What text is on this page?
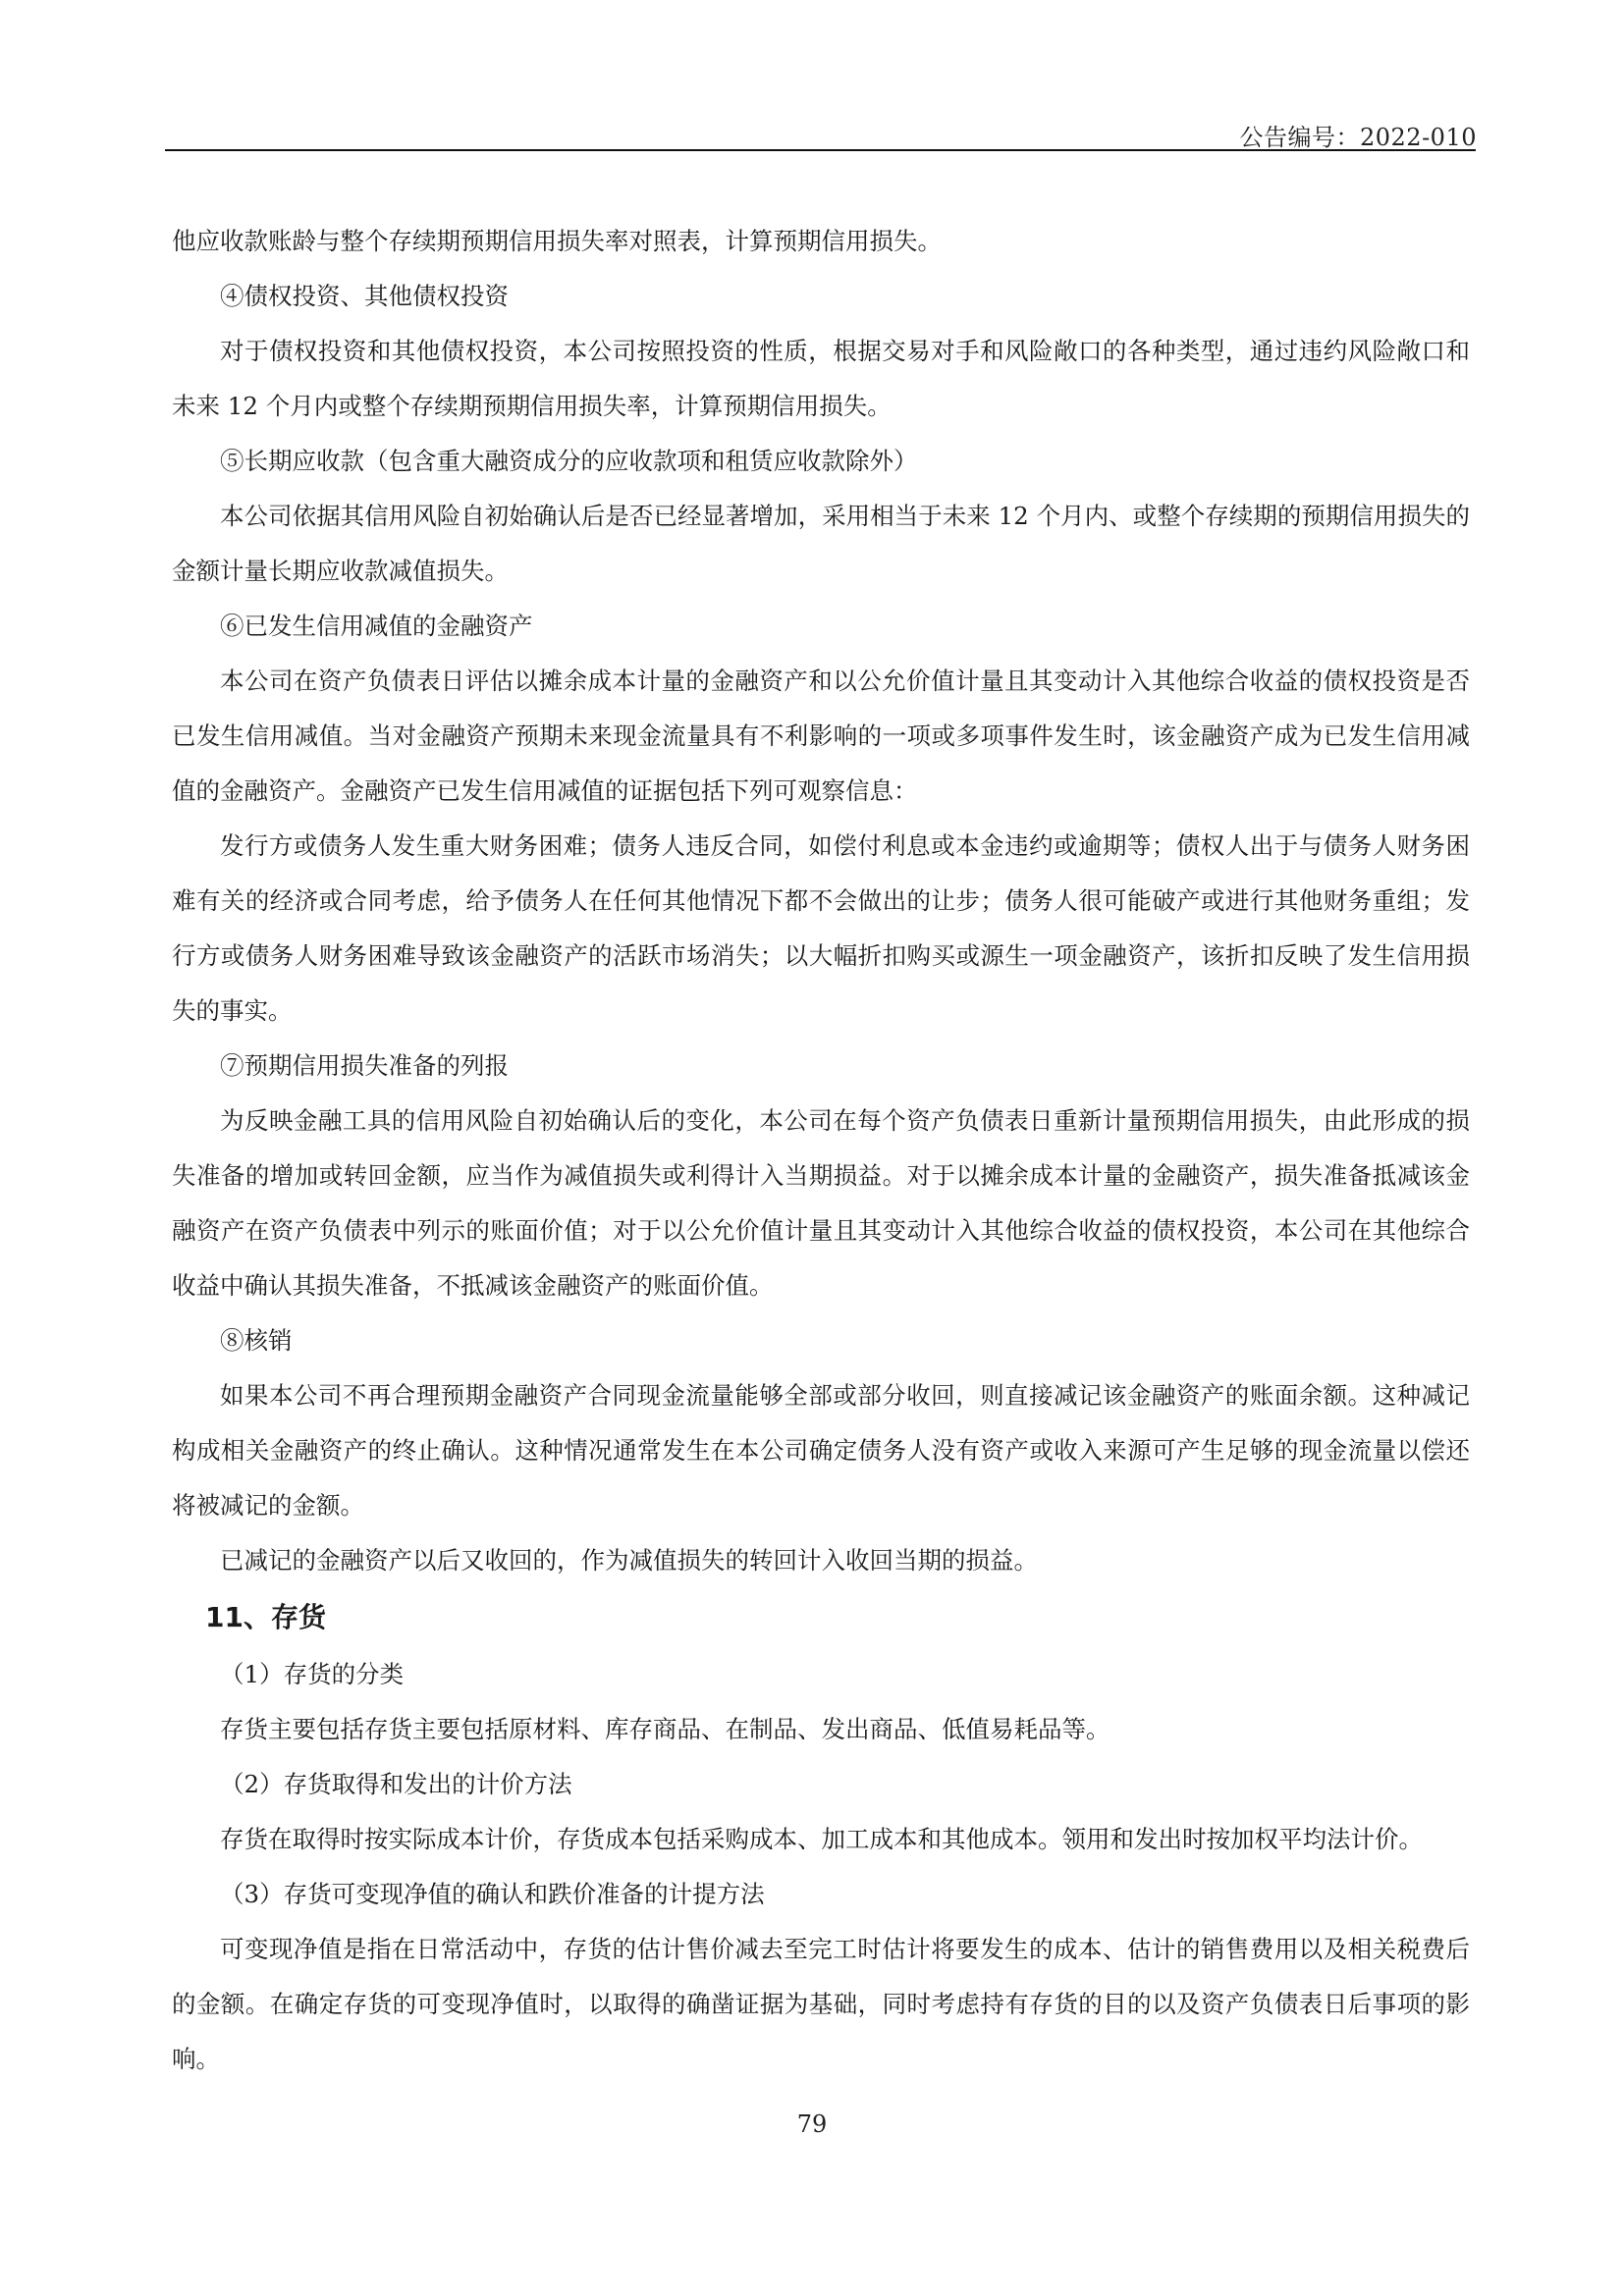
公告编号：2022-010

他应收款账龄与整个存续期预期信用损失率对照表，计算预期信用损失。

④债权投资、其他债权投资

对于债权投资和其他债权投资，本公司按照投资的性质，根据交易对手和风险敞口的各种类型，通过违约风险敞口和未来 12 个月内或整个存续期预期信用损失率，计算预期信用损失。

⑤长期应收款（包含重大融资成分的应收款项和租赁应收款除外）

本公司依据其信用风险自初始确认后是否已经显著增加，采用相当于未来 12 个月内、或整个存续期的预期信用损失的金额计量长期应收款减值损失。

⑥已发生信用减值的金融资产

本公司在资产负债表日评估以摊余成本计量的金融资产和以公允价值计量且其变动计入其他综合收益的债权投资是否已发生信用减值。当对金融资产预期未来现金流量具有不利影响的一项或多项事件发生时，该金融资产成为已发生信用减值的金融资产。金融资产已发生信用减值的证据包括下列可观察信息：

发行方或债务人发生重大财务困难；债务人违反合同，如偿付利息或本金违约或逾期等；债权人出于与债务人财务困难有关的经济或合同考虑，给予债务人在任何其他情况下都不会做出的让步；债务人很可能破产或进行其他财务重组；发行方或债务人财务困难导致该金融资产的活跃市场消失；以大幅折扣购买或源生一项金融资产，该折扣反映了发生信用损失的事实。

⑦预期信用损失准备的列报

为反映金融工具的信用风险自初始确认后的变化，本公司在每个资产负债表日重新计量预期信用损失，由此形成的损失准备的增加或转回金额，应当作为减值损失或利得计入当期损益。对于以摊余成本计量的金融资产，损失准备抵减该金融资产在资产负债表中列示的账面价值；对于以公允价值计量且其变动计入其他综合收益的债权投资，本公司在其他综合收益中确认其损失准备，不抵减该金融资产的账面价值。

⑧核销

如果本公司不再合理预期金融资产合同现金流量能够全部或部分收回，则直接减记该金融资产的账面余额。这种减记构成相关金融资产的终止确认。这种情况通常发生在本公司确定债务人没有资产或收入来源可产生足够的现金流量以偿还将被减记的金额。

已减记的金融资产以后又收回的，作为减值损失的转回计入收回当期的损益。

11、存货

（1）存货的分类

存货主要包括存货主要包括原材料、库存商品、在制品、发出商品、低值易耗品等。

（2）存货取得和发出的计价方法

存货在取得时按实际成本计价，存货成本包括采购成本、加工成本和其他成本。领用和发出时按加权平均法计价。

（3）存货可变现净值的确认和跌价准备的计提方法

可变现净值是指在日常活动中，存货的估计售价减去至完工时估计将要发生的成本、估计的销售费用以及相关税费后的金额。在确定存货的可变现净值时，以取得的确凿证据为基础，同时考虑持有存货的目的以及资产负债表日后事项的影响。

79
